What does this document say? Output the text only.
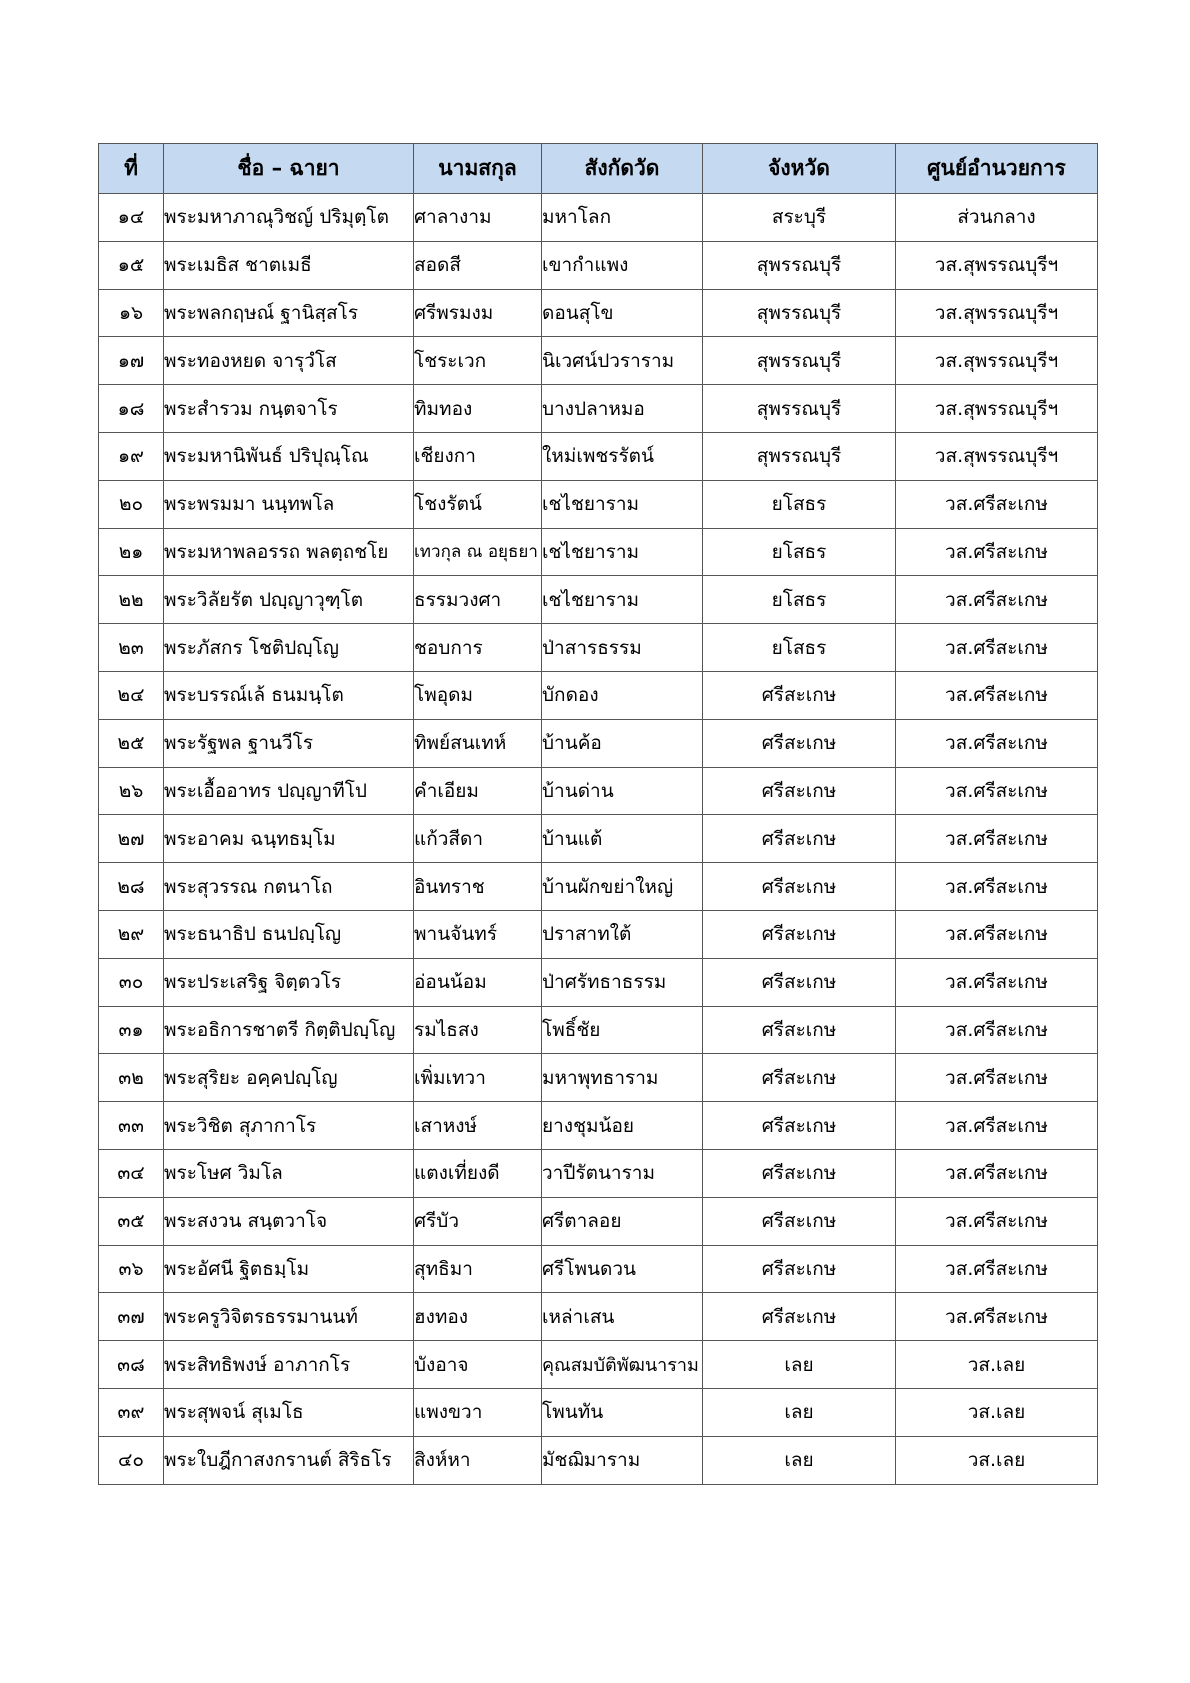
ที่	ชื่อ – ฉายา	นามสกุล	สังกัดวัด	จังหวัด	ศูนย์อำนวยการ
๑๔	พระมหาภาณุวิชญ์ ปริมุตฺโต	ศาลางาม	มหาโลก	สระบุรี	ส่วนกลาง
๑๕	พระเมธิส ชาตเมธี	สอดสี	เขากำแพง	สุพรรณบุรี	วส.สุพรรณบุรีฯ
๑๖	พระพลกฤษณ์ ฐานิสฺสโร	ศรีพรมงม	ดอนสุโข	สุพรรณบุรี	วส.สุพรรณบุรีฯ
๑๗	พระทองหยด จารุวํโส	โชระเวก	นิเวศน์ปวราราม	สุพรรณบุรี	วส.สุพรรณบุรีฯ
๑๘	พระสำรวม กนฺตจาโร	ทิมทอง	บางปลาหมอ	สุพรรณบุรี	วส.สุพรรณบุรีฯ
๑๙	พระมหานิพันธ์ ปริปุณฺโณ	เชียงกา	ใหม่เพชรรัตน์	สุพรรณบุรี	วส.สุพรรณบุรีฯ
๒๐	พระพรมมา นนฺทพโล	โชงรัตน์	เชไชยาราม	ยโสธร	วส.ศรีสะเกษ
๒๑	พระมหาพลอรรถ พลตฺถชโย	เทวกุล ณ อยุธยา	เชไชยาราม	ยโสธร	วส.ศรีสะเกษ
๒๒	พระวิลัยรัต ปญฺญาวุฑฺโต	ธรรมวงศา	เชไชยาราม	ยโสธร	วส.ศรีสะเกษ
๒๓	พระภัสกร โชติปญฺโญ	ชอบการ	ป่าสารธรรม	ยโสธร	วส.ศรีสะเกษ
๒๔	พระบรรณ์เล้ ธนมนฺโต	โพอุดม	บักดอง	ศรีสะเกษ	วส.ศรีสะเกษ
๒๕	พระรัฐพล ฐานวีโร	ทิพย์สนเทห์	บ้านค้อ	ศรีสะเกษ	วส.ศรีสะเกษ
๒๖	พระเอื้ออาทร ปญฺญาทีโป	คำเอียม	บ้านด่าน	ศรีสะเกษ	วส.ศรีสะเกษ
๒๗	พระอาคม ฉนฺทธมฺโม	แก้วสีดา	บ้านแต้	ศรีสะเกษ	วส.ศรีสะเกษ
๒๘	พระสุวรรณ กตนาโถ	อินทราช	บ้านผักขย่าใหญ่	ศรีสะเกษ	วส.ศรีสะเกษ
๒๙	พระธนาธิป ธนปญฺโญ	พานจันทร์	ปราสาทใต้	ศรีสะเกษ	วส.ศรีสะเกษ
๓๐	พระประเสริฐ จิตฺตวโร	อ่อนน้อม	ป่าศรัทธาธรรม	ศรีสะเกษ	วส.ศรีสะเกษ
๓๑	พระอธิการชาตรี กิตฺติปญฺโญ	รมไธสง	โพธิ์ชัย	ศรีสะเกษ	วส.ศรีสะเกษ
๓๒	พระสุริยะ อคฺคปญฺโญ	เพิ่มเทวา	มหาพุทธาราม	ศรีสะเกษ	วส.ศรีสะเกษ
๓๓	พระวิชิต สุภากาโร	เสาหงษ์	ยางชุมน้อย	ศรีสะเกษ	วส.ศรีสะเกษ
๓๔	พระโษศ วิมโล	แตงเที่ยงดี	วาปีรัตนาราม	ศรีสะเกษ	วส.ศรีสะเกษ
๓๕	พระสงวน สนฺตวาโจ	ศรีบัว	ศรีตาลอย	ศรีสะเกษ	วส.ศรีสะเกษ
๓๖	พระอัศนี ฐิตธมฺโม	สุทธิมา	ศรีโพนดวน	ศรีสะเกษ	วส.ศรีสะเกษ
๓๗	พระครูวิจิตรธรรมานนท์	ฮงทอง	เหล่าเสน	ศรีสะเกษ	วส.ศรีสะเกษ
๓๘	พระสิทธิพงษ์ อาภากโร	บังอาจ	คุณสมบัติพัฒนาราม	เลย	วส.เลย
๓๙	พระสุพจน์ สุเมโธ	แพงขวา	โพนทัน	เลย	วส.เลย
๔๐	พระใบฎีกาสงกรานต์ สิริธโร	สิงห์หา	มัชฌิมาราม	เลย	วส.เลย
